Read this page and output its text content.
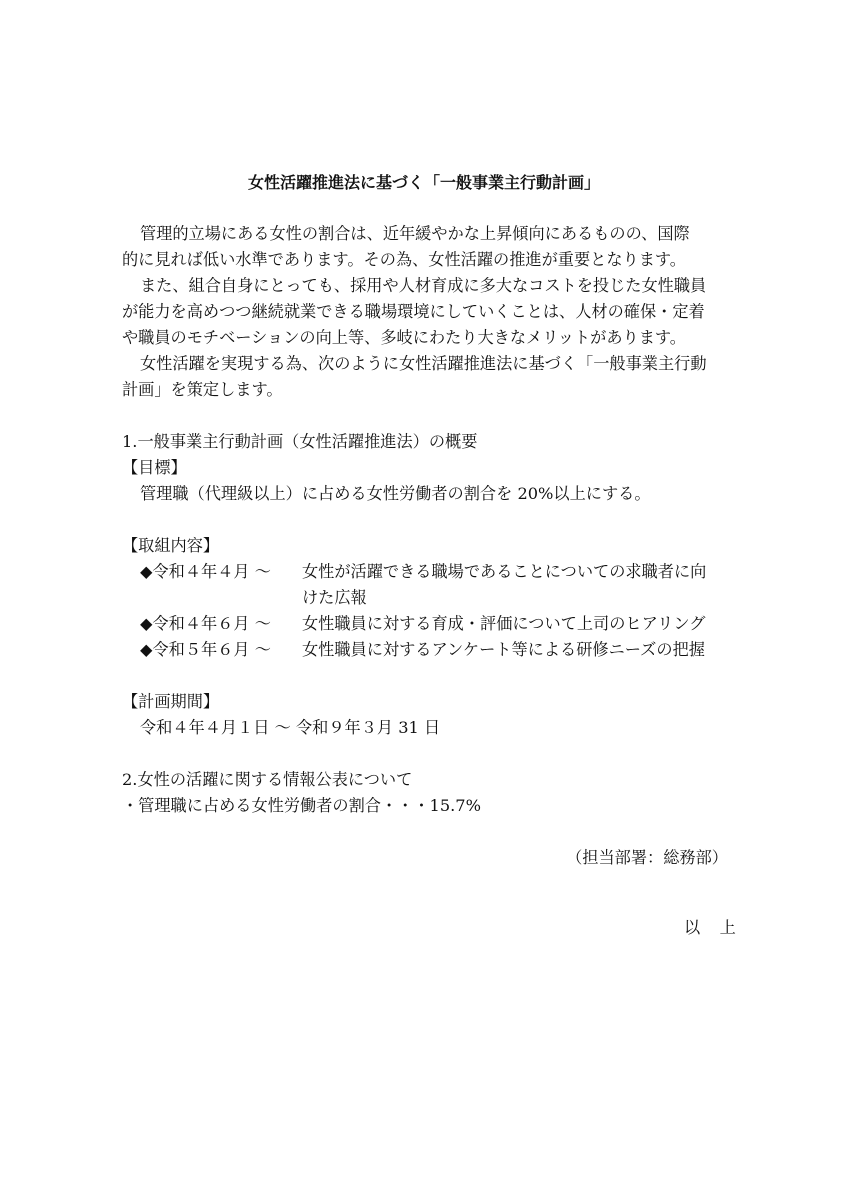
女性活躍推進法に基づく「一般事業主行動計画」
管理的立場にある女性の割合は、近年緩やかな上昇傾向にあるものの、国際
的に見れば低い水準であります。その為、女性活躍の推進が重要となります。
また、組合自身にとっても、採用や人材育成に多大なコストを投じた女性職員
が能力を高めつつ継続就業できる職場環境にしていくことは、人材の確保・定着
や職員のモチベーションの向上等、多岐にわたり大きなメリットがあります。
女性活躍を実現する為、次のように女性活躍推進法に基づく「一般事業主行動
計画」を策定します。
1.一般事業主行動計画（女性活躍推進法）の概要
【目標】
管理職（代理級以上）に占める女性労働者の割合を 20%以上にする。
【取組内容】
◆令和４年４月 ～ 女性が活躍できる職場であることについての求職者に向
けた広報
◆令和４年６月 ～ 女性職員に対する育成・評価について上司のヒアリング
◆令和５年６月 ～ 女性職員に対するアンケート等による研修ニーズの把握
【計画期間】
令和４年４月１日 ～ 令和９年３月 31 日
2.女性の活躍に関する情報公表について
・管理職に占める女性労働者の割合・・・15.7%
（担当部署：総務部）
以上
